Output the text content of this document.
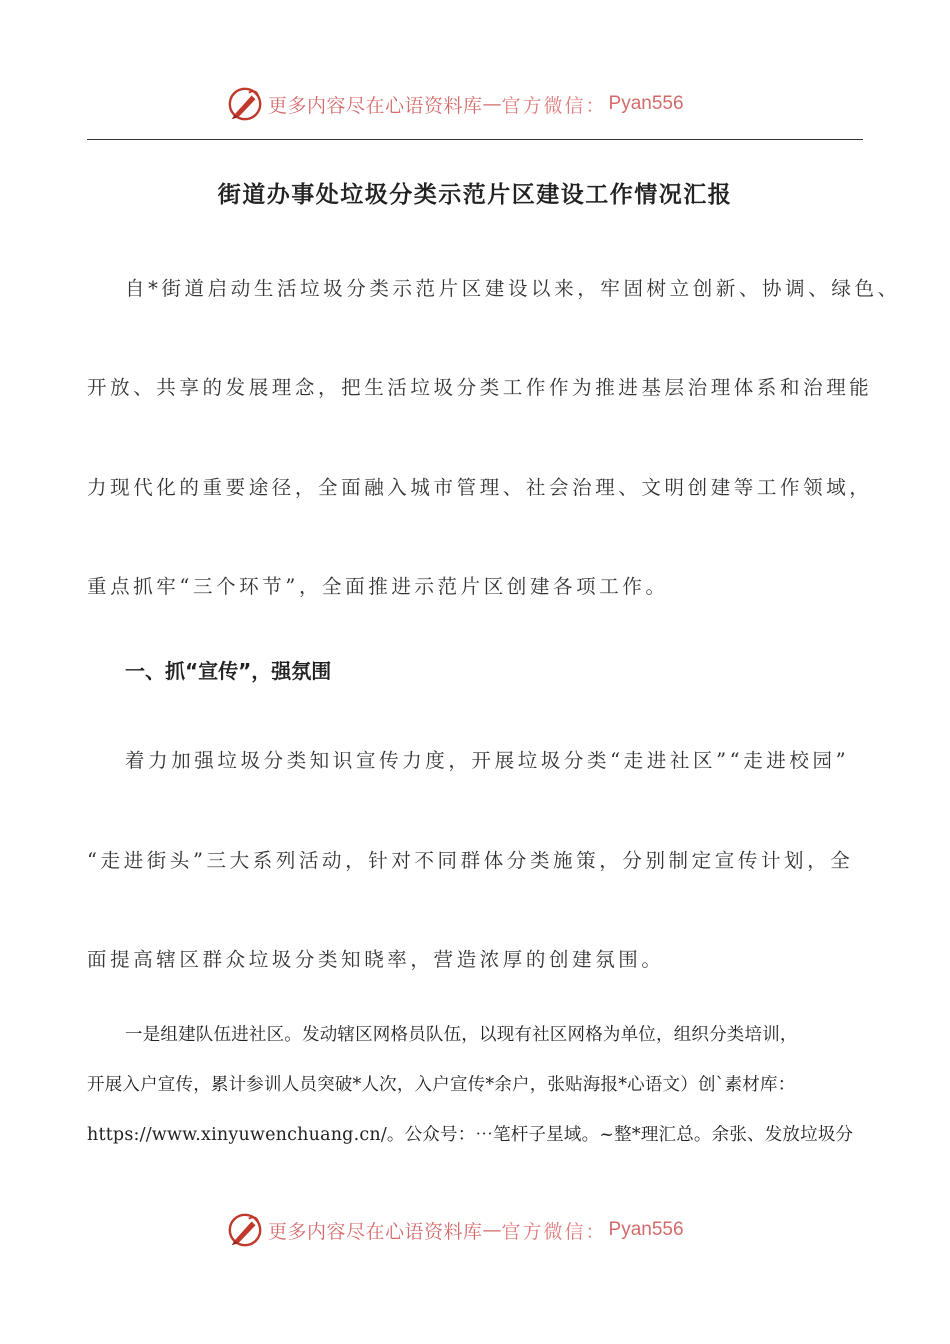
更多内容尽在心语资料库 — 官方微信： Pyan556
街道办事处垃圾分类示范片区建设工作情况汇报
自*街道启动生活垃圾分类示范片区建设以来，牢固树立创新、协调、绿色、
开放、共享的发展理念，把生活垃圾分类工作作为推进基层治理体系和治理能
力现代化的重要途径，全面融入城市管理、社会治理、文明创建等工作领域，
重点抓牢“三个环节”，全面推进示范片区创建各项工作。
一、抓“宣传”，强氛围
着力加强垃圾分类知识宣传力度，开展垃圾分类“走进社区”“走进校园”
“走进街头”三大系列活动，针对不同群体分类施策，分别制定宣传计划，全
面提高辖区群众垃圾分类知晓率，营造浓厚的创建氛围。
一是组建队伍进社区。发动辖区网格员队伍，以现有社区网格为单位，组织分类培训，
开展入户宣传，累计参训人员突破*人次，入户宣传*余户，张贴海报*心语文）创`素材库：
https://www.xinyuwenchuang.cn/。公众号：⋯笔杆子星域。~整*理汇总。余张、发放垃圾分
更多内容尽在心语资料库 — 官方微信： Pyan556
